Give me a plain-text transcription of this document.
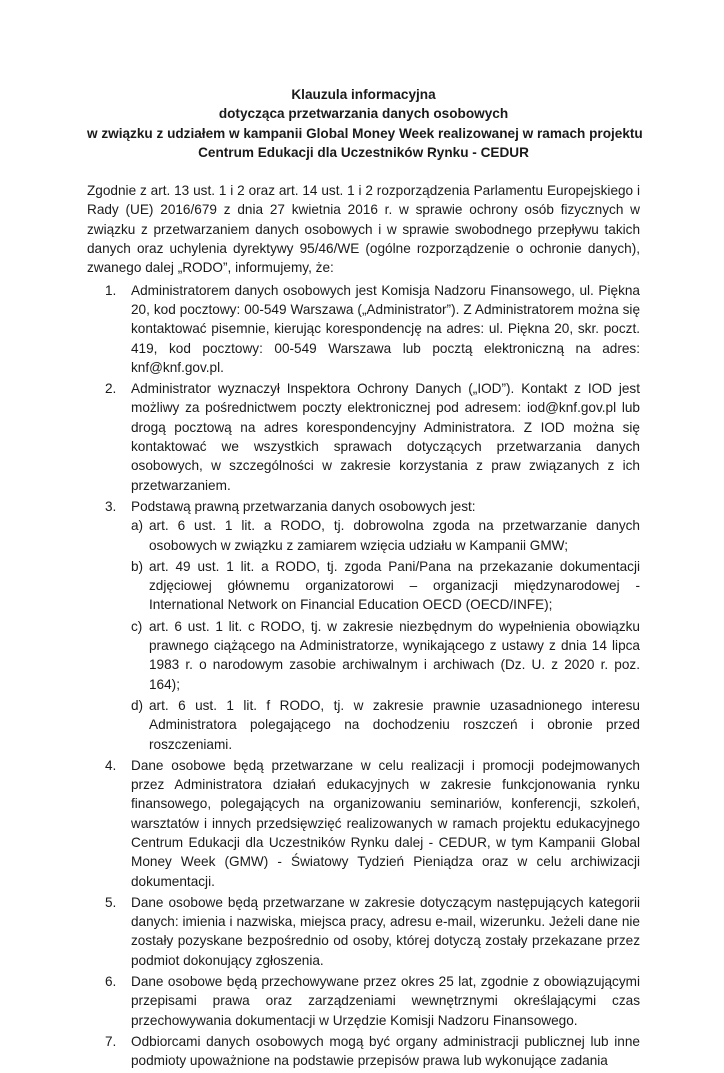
Klauzula informacyjna
dotycząca przetwarzania danych osobowych
w związku z udziałem w kampanii Global Money Week realizowanej w ramach projektu
Centrum Edukacji dla Uczestników Rynku - CEDUR

Zgodnie z art. 13 ust. 1 i 2 oraz art. 14 ust. 1 i 2 rozporządzenia Parlamentu Europejskiego i Rady (UE) 2016/679 z dnia 27 kwietnia 2016 r. w sprawie ochrony osób fizycznych w związku z przetwarzaniem danych osobowych i w sprawie swobodnego przepływu takich danych oraz uchylenia dyrektywy 95/46/WE (ogólne rozporządzenie o ochronie danych), zwanego dalej „RODO”, informujemy, że:

1. Administratorem danych osobowych jest Komisja Nadzoru Finansowego, ul. Piękna 20, kod pocztowy: 00-549 Warszawa („Administrator”). Z Administratorem można się kontaktować pisemnie, kierując korespondencję na adres: ul. Piękna 20, skr. poczt. 419, kod pocztowy: 00-549 Warszawa lub pocztą elektroniczną na adres: knf@knf.gov.pl.
2. Administrator wyznaczył Inspektora Ochrony Danych („IOD”). Kontakt z IOD jest możliwy za pośrednictwem poczty elektronicznej pod adresem: iod@knf.gov.pl lub drogą pocztową na adres korespondencyjny Administratora. Z IOD można się kontaktować we wszystkich sprawach dotyczących przetwarzania danych osobowych, w szczególności w zakresie korzystania z praw związanych z ich przetwarzaniem.
3. Podstawą prawną przetwarzania danych osobowych jest:
a) art. 6 ust. 1 lit. a RODO, tj. dobrowolna zgoda na przetwarzanie danych osobowych w związku z zamiarem wzięcia udziału w Kampanii GMW;
b) art. 49 ust. 1 lit. a RODO, tj. zgoda Pani/Pana na przekazanie dokumentacji zdjęciowej głównemu organizatorowi – organizacji międzynarodowej - International Network on Financial Education OECD (OECD/INFE);
c) art. 6 ust. 1 lit. c RODO, tj. w zakresie niezbędnym do wypełnienia obowiązku prawnego ciążącego na Administratorze, wynikającego z ustawy z dnia 14 lipca 1983 r. o narodowym zasobie archiwalnym i archiwach (Dz. U. z 2020 r. poz. 164);
d) art. 6 ust. 1 lit. f RODO, tj. w zakresie prawnie uzasadnionego interesu Administratora polegającego na dochodzeniu roszczeń i obronie przed roszczeniami.
4. Dane osobowe będą przetwarzane w celu realizacji i promocji podejmowanych przez Administratora działań edukacyjnych w zakresie funkcjonowania rynku finansowego, polegających na organizowaniu seminariów, konferencji, szkoleń, warsztatów i innych przedsięwzięć realizowanych w ramach projektu edukacyjnego Centrum Edukacji dla Uczestników Rynku dalej - CEDUR, w tym Kampanii Global Money Week (GMW) - Światowy Tydzień Pieniądza oraz w celu archiwizacji dokumentacji.
5. Dane osobowe będą przetwarzane w zakresie dotyczącym następujących kategorii danych: imienia i nazwiska, miejsca pracy, adresu e-mail, wizerunku. Jeżeli dane nie zostały pozyskane bezpośrednio od osoby, której dotyczą zostały przekazane przez podmiot dokonujący zgłoszenia.
6. Dane osobowe będą przechowywane przez okres 25 lat, zgodnie z obowiązującymi przepisami prawa oraz zarządzeniami wewnętrznymi określającymi czas przechowywania dokumentacji w Urzędzie Komisji Nadzoru Finansowego.
7. Odbiorcami danych osobowych mogą być organy administracji publicznej lub inne podmioty upoważnione na podstawie przepisów prawa lub wykonujące zadania
